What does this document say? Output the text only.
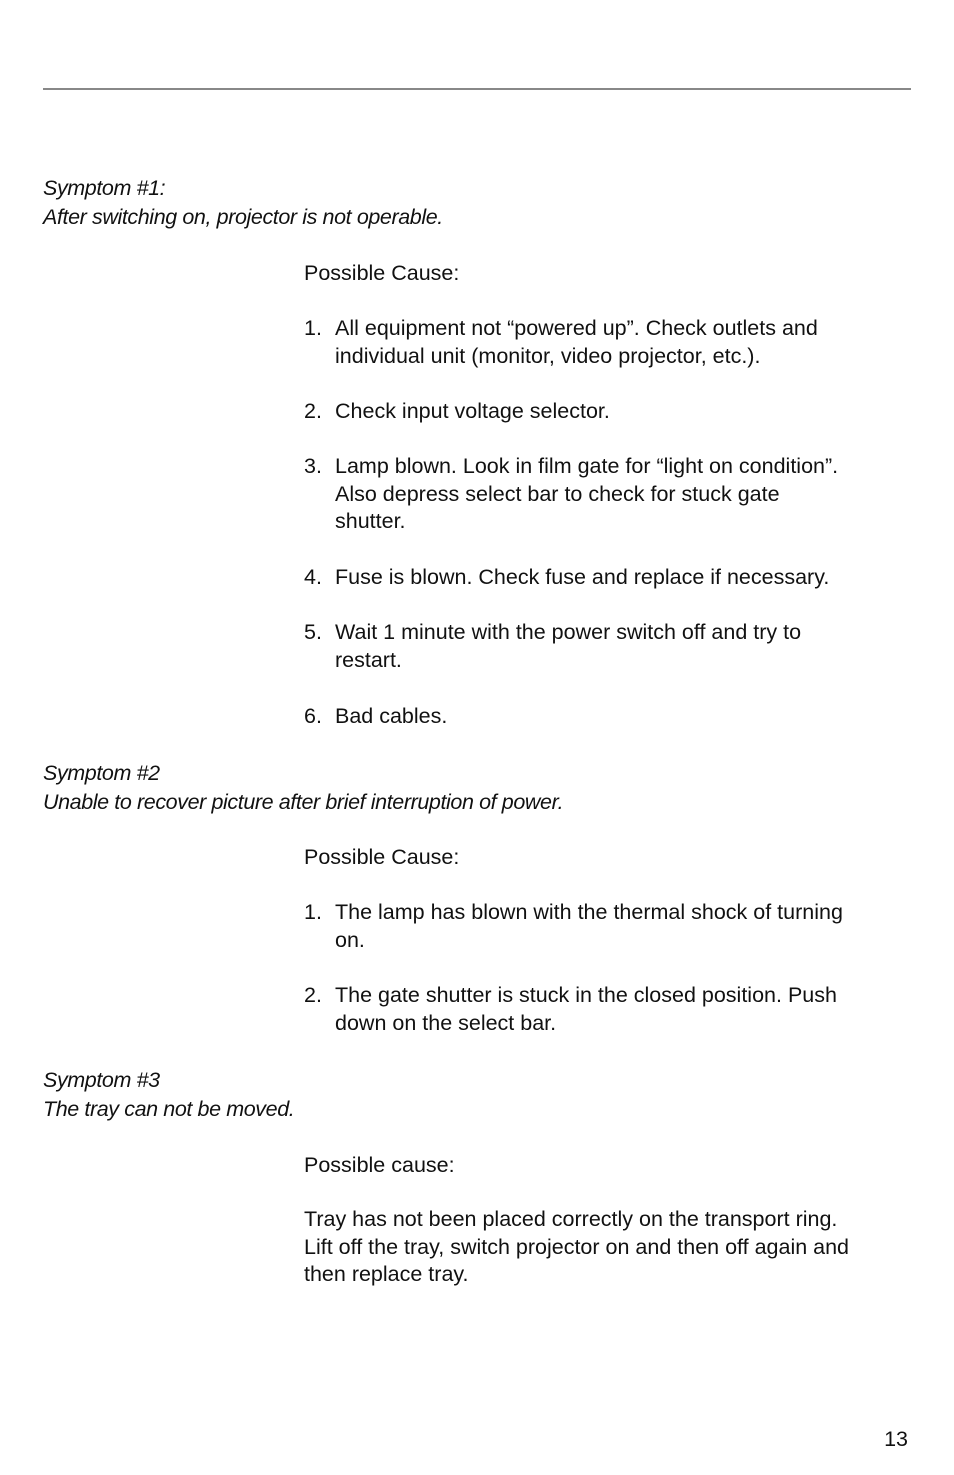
Symptom #1:
After switching on, projector is not operable.
Possible Cause:
1. All equipment not “powered up”. Check outlets and
individual unit (monitor, video projector, etc.).
2. Check input voltage selector.
3. Lamp blown. Look in film gate for “light on condition”.
Also depress select bar to check for stuck gate
shutter.
4. Fuse is blown. Check fuse and replace if necessary.
5. Wait 1 minute with the power switch off and try to
restart.
6. Bad cables.
Symptom #2
Unable to recover picture after brief interruption of power.
Possible Cause:
1. The lamp has blown with the thermal shock of turning
on.
2. The gate shutter is stuck in the closed position. Push
down on the select bar.
Symptom #3
The tray can not be moved.
Possible cause:
Tray has not been placed correctly on the transport ring.
Lift off the tray, switch projector on and then off again and
then replace tray.
13
